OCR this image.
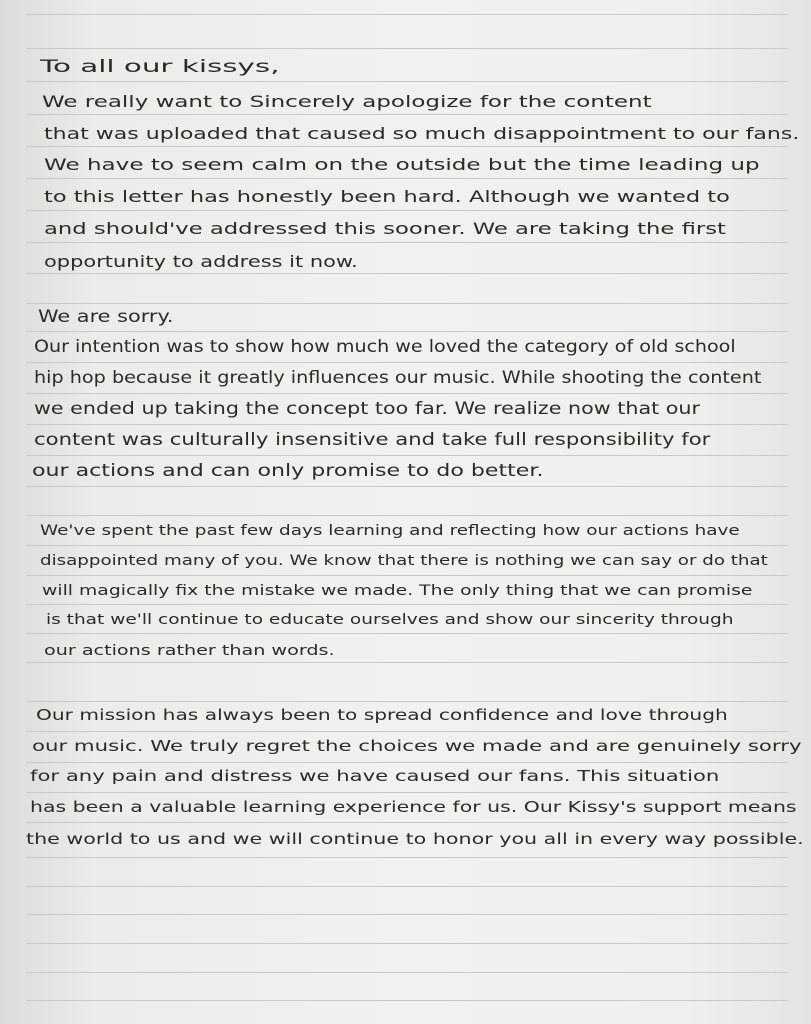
To all our kissys,
We really want to Sincerely apologize for the content
that was uploaded that caused so much disappointment to our fans.
We have to seem calm on the outside but the time leading up
to this letter has honestly been hard. Although we wanted to
and should've addressed this sooner. We are taking the first
opportunity to address it now.
We are sorry.
Our intention was to show how much we loved the category of old school
hip hop because it greatly influences our music. While shooting the content
we ended up taking the concept too far. We realize now that our
content was culturally insensitive and take full responsibility for
our actions and can only promise to do better.
We've spent the past few days learning and reflecting how our actions have
disappointed many of you. We know that there is nothing we can say or do that
will magically fix the mistake we made. The only thing that we can promise
is that we'll continue to educate ourselves and show our sincerity through
our actions rather than words.
Our mission has always been to spread confidence and love through
our music. We truly regret the choices we made and are genuinely sorry
for any pain and distress we have caused our fans. This situation
has been a valuable learning experience for us. Our Kissy's support means
the world to us and we will continue to honor you all in every way possible.
